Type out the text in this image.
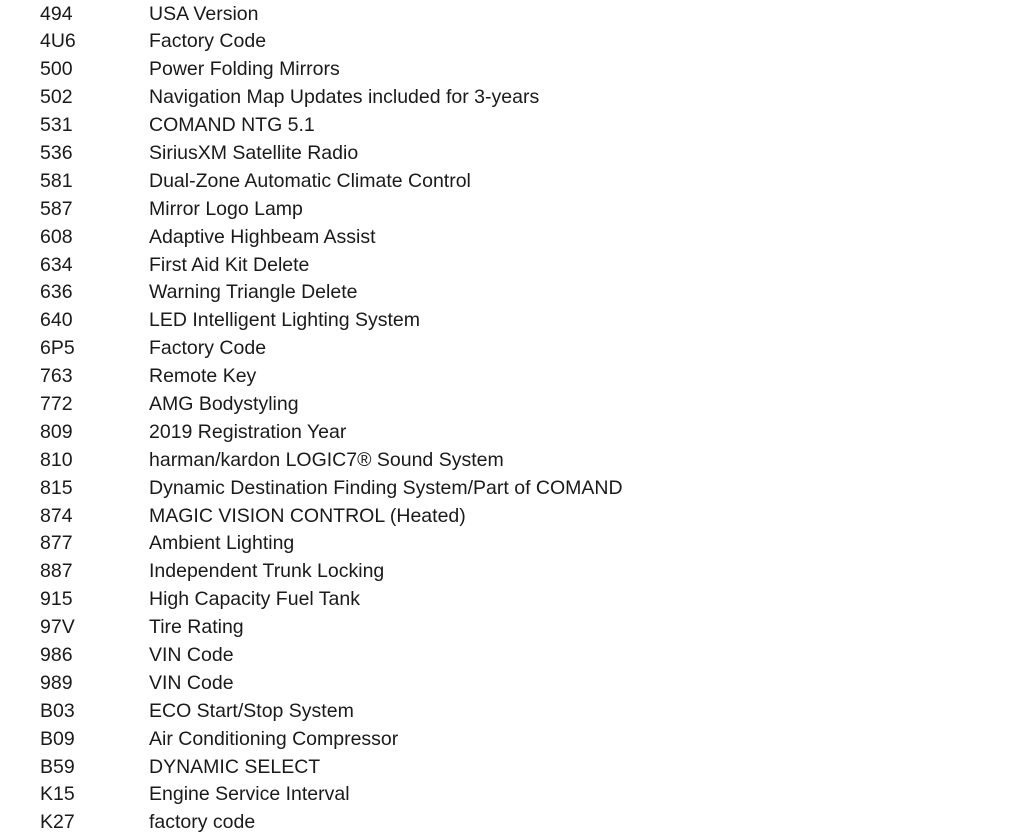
494	USA Version
4U6	Factory Code
500	Power Folding Mirrors
502	Navigation Map Updates included for 3-years
531	COMAND NTG 5.1
536	SiriusXM Satellite Radio
581	Dual-Zone Automatic Climate Control
587	Mirror Logo Lamp
608	Adaptive Highbeam Assist
634	First Aid Kit Delete
636	Warning Triangle Delete
640	LED Intelligent Lighting System
6P5	Factory Code
763	Remote Key
772	AMG Bodystyling
809	2019 Registration Year
810	harman/kardon LOGIC7® Sound System
815	Dynamic Destination Finding System/Part of COMAND
874	MAGIC VISION CONTROL (Heated)
877	Ambient Lighting
887	Independent Trunk Locking
915	High Capacity Fuel Tank
97V	Tire Rating
986	VIN Code
989	VIN Code
B03	ECO Start/Stop System
B09	Air Conditioning Compressor
B59	DYNAMIC SELECT
K15	Engine Service Interval
K27	factory code
